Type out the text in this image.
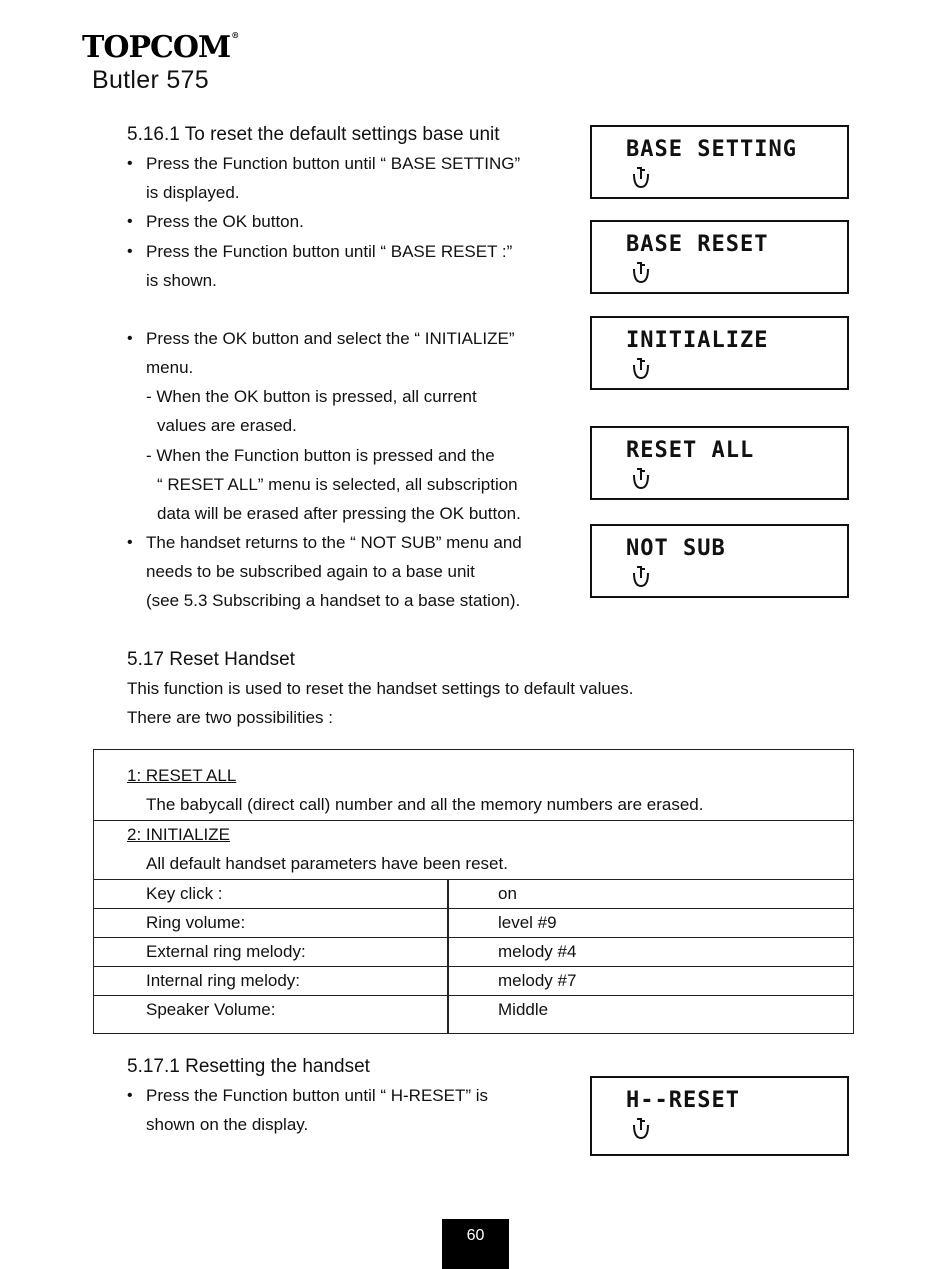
TOPCOM®
Butler 575
5.16.1 To reset the default settings base unit
• Press the Function button until “ BASE SETTING”
is displayed.
• Press the OK button.
• Press the Function button until “ BASE RESET :”
is shown.
• Press the OK button and select the “ INITIALIZE”
menu.
- When the OK button is pressed, all current
values are erased.
- When the Function button is pressed and the
“ RESET ALL” menu is selected, all subscription
data will be erased after pressing the OK button.
• The handset returns to the “ NOT SUB” menu and
needs to be subscribed again to a base unit
(see 5.3 Subscribing a handset to a base station).
BASE SETTING
BASE RESET
INITIALIZE
RESET ALL
NOT SUB
5.17 Reset Handset
This function is used to reset the handset settings to default values.
There are two possibilities :
1: RESET ALL
The babycall (direct call) number and all the memory numbers are erased.
2: INITIALIZE
All default handset parameters have been reset.
Key click :	on
Ring volume:	level #9
External ring melody:	melody #4
Internal ring melody:	melody #7
Speaker Volume:	Middle
5.17.1 Resetting the handset
• Press the Function button until “ H-RESET” is
shown on the display.
H--RESET
60
